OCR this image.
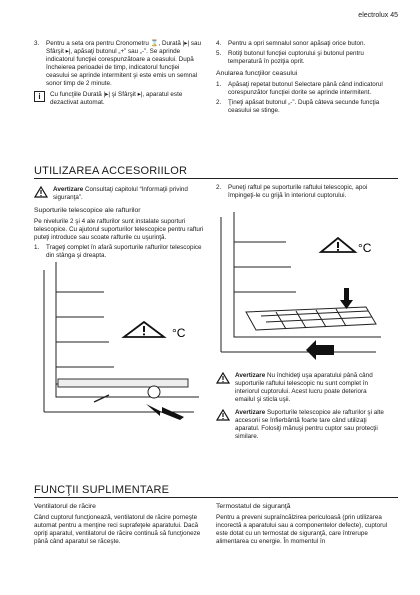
electrolux 45
3.	Pentru a seta ora pentru Cronometru ⌛, Durată |▸| sau Sfârşit ▸|, apăsaţi butonul „+” sau „-”. Se aprinde indicatorul funcţiei corespunzătoare a ceasului. După încheierea perioadei de timp, indicatorul funcţiei ceasului se aprinde intermitent şi este emis un semnal sonor timp de 2 minute.
i	Cu funcţiile Durată |▸| şi Sfârşit ▸|, aparatul este dezactivat automat.
4.	Pentru a opri semnalul sonor apăsaţi orice buton.
5.	Rotiţi butonul funcţiei cuptorului şi butonul pentru temperatură în poziţia oprit.
Anularea funcţiilor ceasului
1.	Apăsaţi repetat butonul Selectare până când indicatorul corespunzător funcţiei dorite se aprinde intermitent.
2.	Ţineţi apăsat butonul „-”. După câteva secunde funcţia ceasului se stinge.
UTILIZAREA ACCESORIILOR
Avertizare Consultaţi capitolul “Informaţii privind siguranţa”.
Suporturile telescopice ale rafturilor

Pe nivelurile 2 şi 4 ale rafturilor sunt instalate suporturi telescopice. Cu ajutorul suporturilor telescopice pentru rafturi puteţi introduce sau scoate rafturile cu uşurinţă.

1.	Trageţi complet în afară suporturile rafturilor telescopice din stânga şi dreapta.
°C
2.	Puneţi raftul pe suporturile raftului telescopic, apoi împingeţi-le cu grijă în interiorul cuptorului.
°C
Avertizare Nu închideţi uşa aparatului până când suporturile raftului telescopic nu sunt complet în interiorul cuptorului. Acest lucru poate deteriora emailul şi sticla uşii.
Avertizare Suporturile telescopice ale rafturilor şi alte accesorii se înfierbântă foarte tare când utilizaţi aparatul. Folosiţi mănuşi pentru cuptor sau protecţii similare.
FUNCŢII SUPLIMENTARE
Ventilatorul de răcire

Când cuptorul funcţionează, ventilatorul de răcire porneşte automat pentru a menţine reci suprafeţele aparatului. Dacă opriţi aparatul, ventilatorul de răcire continuă să funcţioneze până când aparatul se răceşte.

Termostatul de siguranţă

Pentru a preveni supraîncălzirea periculoasă (prin utilizarea incorectă a aparatului sau a componentelor defecte), cuptorul este dotat cu un termostat de siguranţă, care întrerupe alimentarea cu energie. În momentul în
